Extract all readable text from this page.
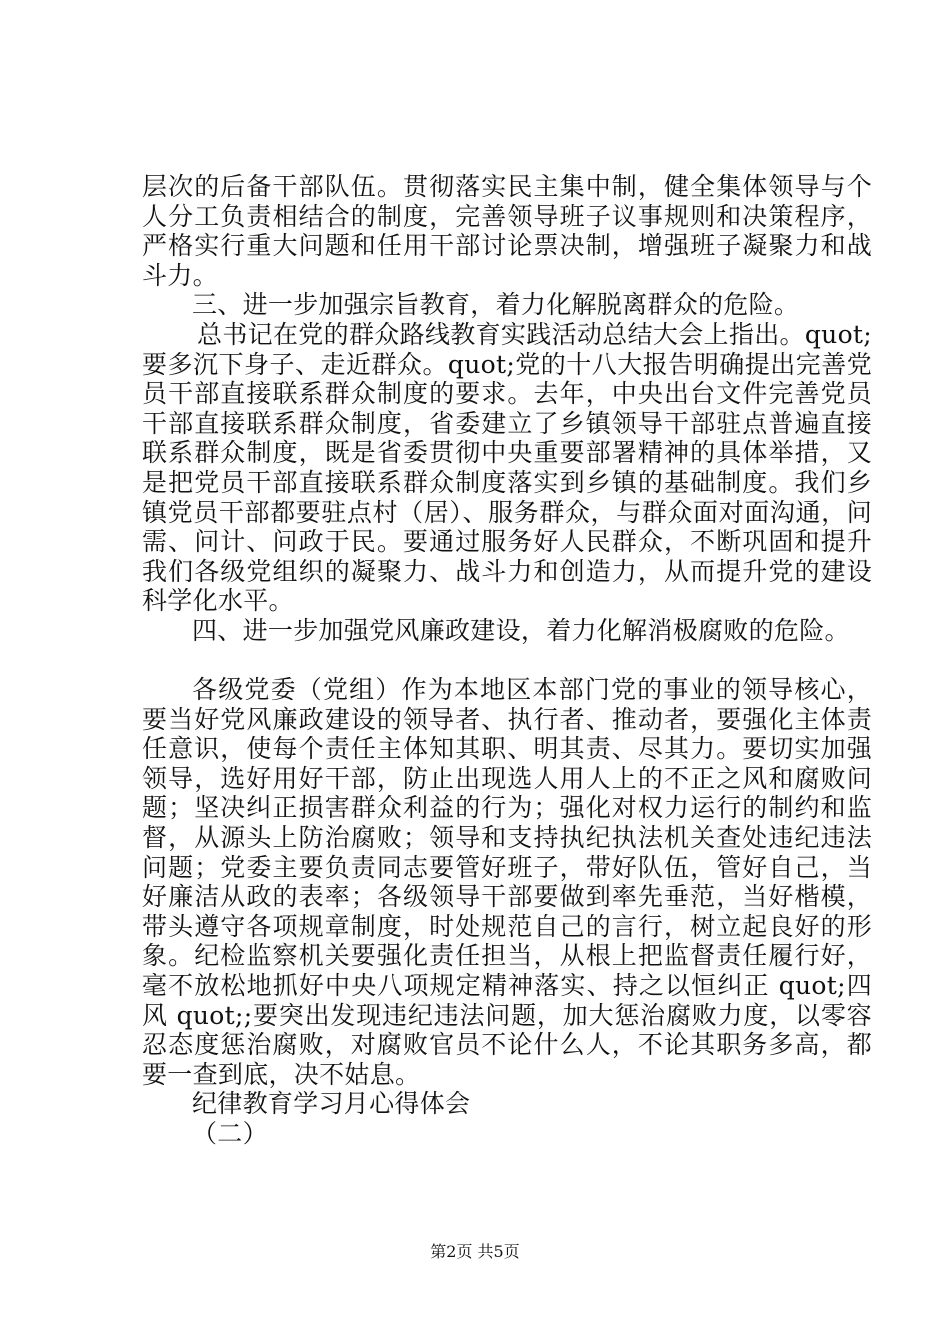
层次的后备干部队伍。贯彻落实民主集中制，健全集体领导与个人分工负责相结合的制度，完善领导班子议事规则和决策程序，严格实行重大问题和任用干部讨论票决制，增强班子凝聚力和战斗力。

三、进一步加强宗旨教育，着力化解脱离群众的危险。

总书记在党的群众路线教育实践活动总结大会上指出。quot;要多沉下身子、走近群众。quot;党的十八大报告明确提出完善党员干部直接联系群众制度的要求。去年，中央出台文件完善党员干部直接联系群众制度，省委建立了乡镇领导干部驻点普遍直接联系群众制度，既是省委贯彻中央重要部署精神的具体举措，又是把党员干部直接联系群众制度落实到乡镇的基础制度。我们乡镇党员干部都要驻点村（居）、服务群众，与群众面对面沟通，问需、问计、问政于民。要通过服务好人民群众，不断巩固和提升我们各级党组织的凝聚力、战斗力和创造力，从而提升党的建设科学化水平。

四、进一步加强党风廉政建设，着力化解消极腐败的危险。

各级党委（党组）作为本地区本部门党的事业的领导核心，要当好党风廉政建设的领导者、执行者、推动者，要强化主体责任意识，使每个责任主体知其职、明其责、尽其力。要切实加强领导，选好用好干部，防止出现选人用人上的不正之风和腐败问题；坚决纠正损害群众利益的行为；强化对权力运行的制约和监督，从源头上防治腐败；领导和支持执纪执法机关查处违纪违法问题；党委主要负责同志要管好班子，带好队伍，管好自己，当好廉洁从政的表率；各级领导干部要做到率先垂范，当好楷模，带头遵守各项规章制度，时处规范自己的言行，树立起良好的形象。纪检监察机关要强化责任担当，从根上把监督责任履行好，毫不放松地抓好中央八项规定精神落实、持之以恒纠正 quot;四风 quot;;要突出发现违纪违法问题，加大惩治腐败力度，以零容忍态度惩治腐败，对腐败官员不论什么人，不论其职务多高，都要一查到底，决不姑息。

纪律教育学习月心得体会

（二）

第2页 共5页
